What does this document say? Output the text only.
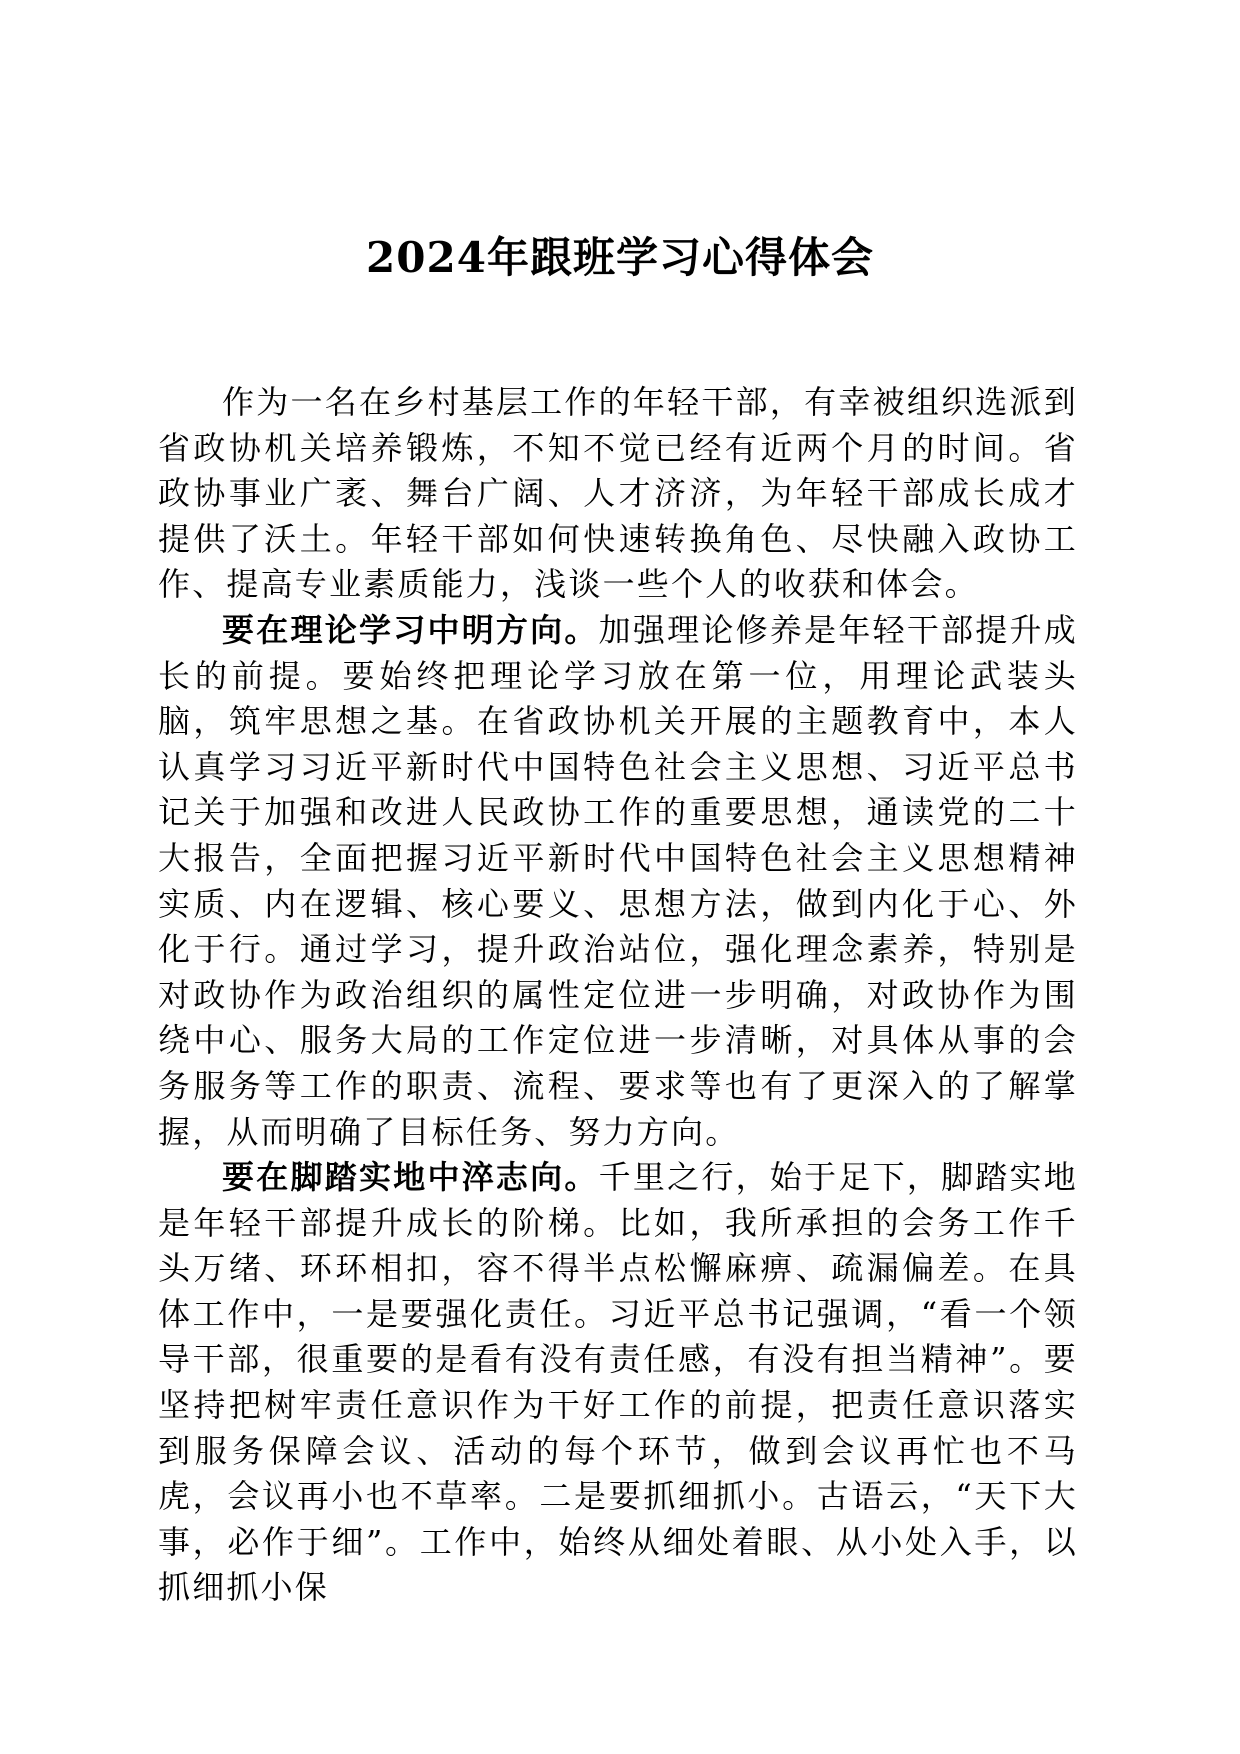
2024年跟班学习心得体会

作为一名在乡村基层工作的年轻干部，有幸被组织选派到省政协机关培养锻炼，不知不觉已经有近两个月的时间。省政协事业广袤、舞台广阔、人才济济，为年轻干部成长成才提供了沃土。年轻干部如何快速转换角色、尽快融入政协工作、提高专业素质能力，浅谈一些个人的收获和体会。

要在理论学习中明方向。加强理论修养是年轻干部提升成长的前提。要始终把理论学习放在第一位，用理论武装头脑，筑牢思想之基。在省政协机关开展的主题教育中，本人认真学习习近平新时代中国特色社会主义思想、习近平总书记关于加强和改进人民政协工作的重要思想，通读党的二十大报告，全面把握习近平新时代中国特色社会主义思想精神实质、内在逻辑、核心要义、思想方法，做到内化于心、外化于行。通过学习，提升政治站位，强化理念素养，特别是对政协作为政治组织的属性定位进一步明确，对政协作为围绕中心、服务大局的工作定位进一步清晰，对具体从事的会务服务等工作的职责、流程、要求等也有了更深入的了解掌握，从而明确了目标任务、努力方向。

要在脚踏实地中淬志向。千里之行，始于足下，脚踏实地是年轻干部提升成长的阶梯。比如，我所承担的会务工作千头万绪、环环相扣，容不得半点松懈麻痹、疏漏偏差。在具体工作中，一是要强化责任。习近平总书记强调，“看一个领导干部，很重要的是看有没有责任感，有没有担当精神”。要坚持把树牢责任意识作为干好工作的前提，把责任意识落实到服务保障会议、活动的每个环节，做到会议再忙也不马虎，会议再小也不草率。二是要抓细抓小。古语云，“天下大事，必作于细”。工作中，始终从细处着眼、从小处入手，以抓细抓小保
